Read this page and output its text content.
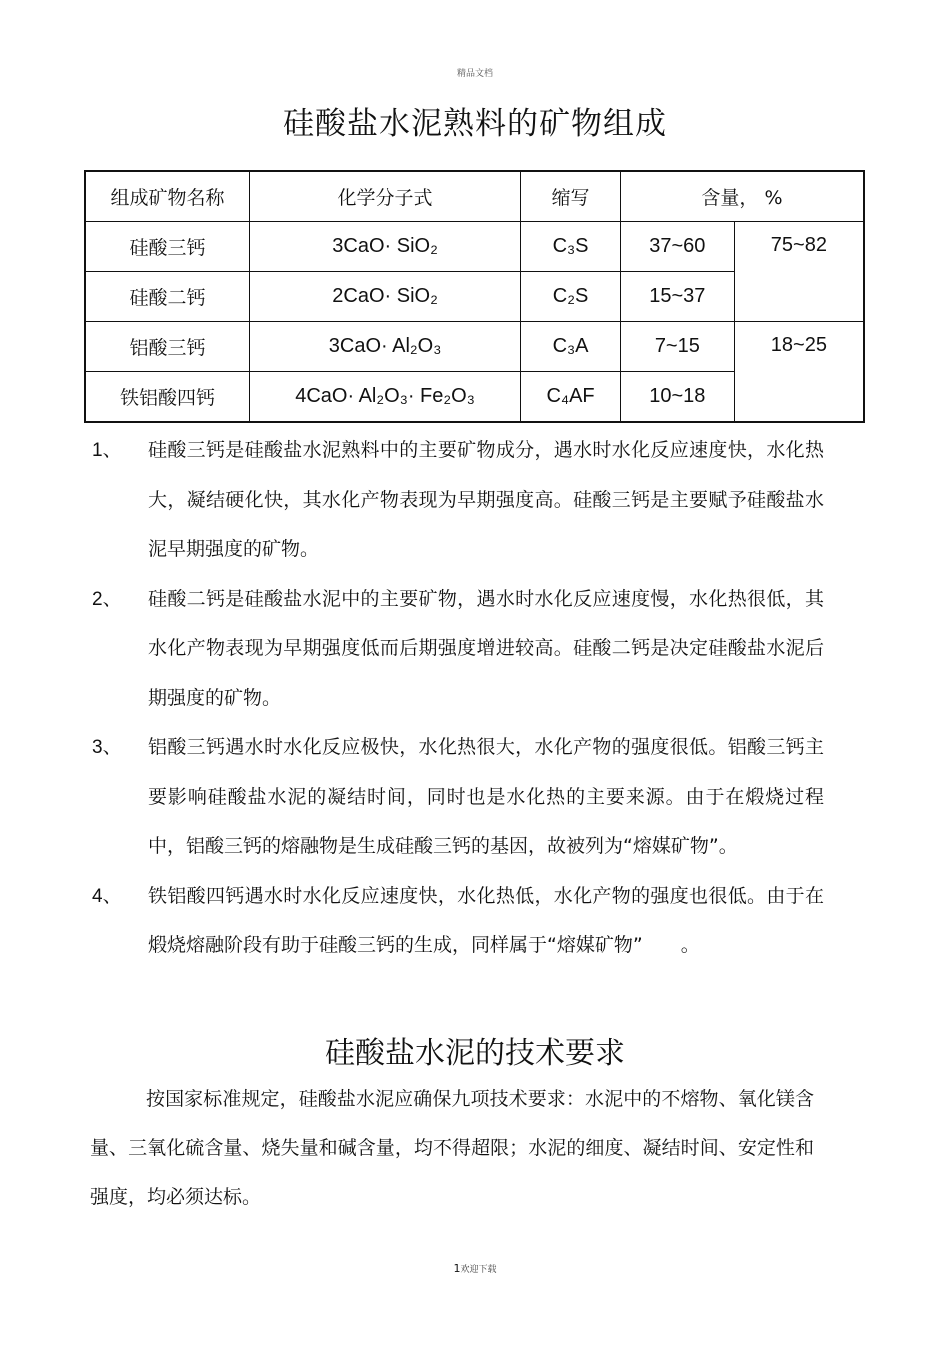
精品文档
硅酸盐水泥熟料的矿物组成
组成矿物名称	化学分子式	缩写	含量， %	
硅酸三钙	3CaO· SiO₂	C₃S	37~60	75~82
硅酸二钙	2CaO· SiO₂	C₂S	15~37	
铝酸三钙	3CaO· Al₂O₃	C₃A	7~15	18~25
铁铝酸四钙	4CaO· Al₂O₃· Fe₂O₃	C₄AF	10~18	
1、 硅酸三钙是硅酸盐水泥熟料中的主要矿物成分，遇水时水化反应速度快，水化热大，凝结硬化快，其水化产物表现为早期强度高。硅酸三钙是主要赋予硅酸盐水泥早期强度的矿物。
2、 硅酸二钙是硅酸盐水泥中的主要矿物，遇水时水化反应速度慢，水化热很低，其水化产物表现为早期强度低而后期强度增进较高。硅酸二钙是决定硅酸盐水泥后期强度的矿物。
3、 铝酸三钙遇水时水化反应极快，水化热很大，水化产物的强度很低。铝酸三钙主要影响硅酸盐水泥的凝结时间，同时也是水化热的主要来源。由于在煅烧过程中，铝酸三钙的熔融物是生成硅酸三钙的基因，故被列为“熔媒矿物”。
4、 铁铝酸四钙遇水时水化反应速度快，水化热低，水化产物的强度也很低。由于在煅烧熔融阶段有助于硅酸三钙的生成，同样属于“熔媒矿物”　　。
硅酸盐水泥的技术要求
按国家标准规定，硅酸盐水泥应确保九项技术要求：水泥中的不熔物、氧化镁含量、三氧化硫含量、烧失量和碱含量，均不得超限；水泥的细度、凝结时间、安定性和强度，均必须达标。
1欢迎下载
